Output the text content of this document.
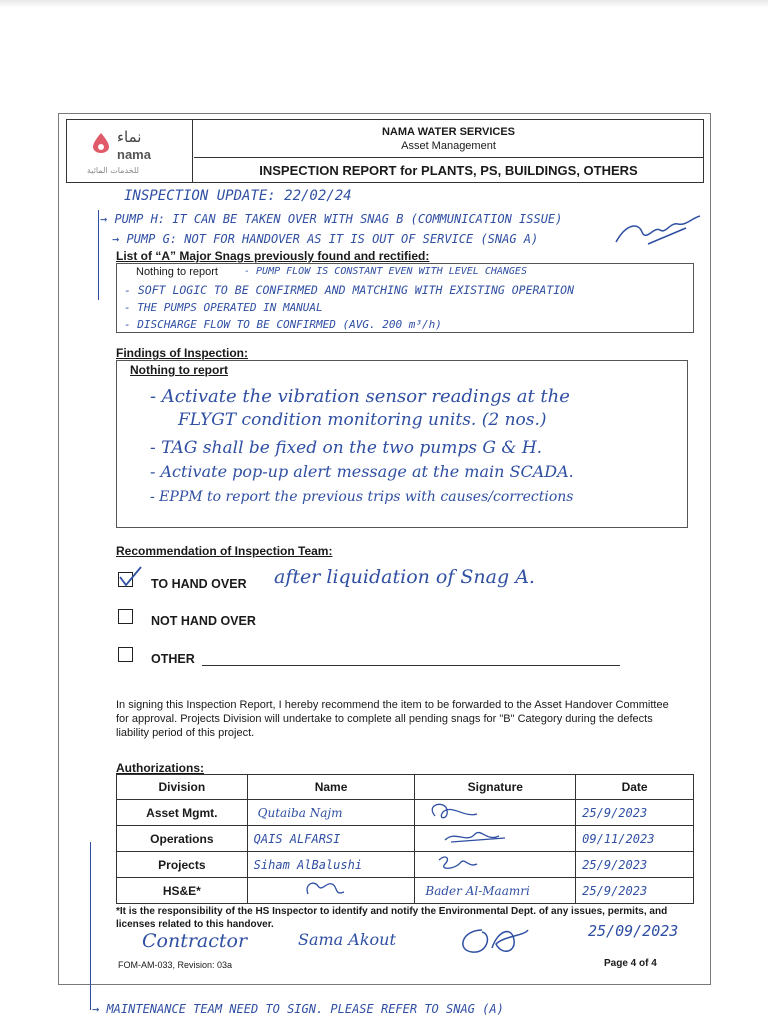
نماء
nama
للخدمات المائية
NAMA WATER SERVICES
Asset Management
INSPECTION REPORT for PLANTS, PS, BUILDINGS, OTHERS
INSPECTION UPDATE: 22/02/24
→ PUMP H: IT CAN BE TAKEN OVER WITH SNAG B (COMMUNICATION ISSUE)
→ PUMP G: NOT FOR HANDOVER AS IT IS OUT OF SERVICE (SNAG A)
List of “A” Major Snags previously found and rectified:
Nothing to report	- PUMP FLOW IS CONSTANT EVEN WITH LEVEL CHANGES
- SOFT LOGIC TO BE CONFIRMED AND MATCHING WITH EXISTING OPERATION
- THE PUMPS OPERATED IN MANUAL
- DISCHARGE FLOW TO BE CONFIRMED (AVG. 200 m³/h)
Findings of Inspection:
Nothing to report
- Activate the vibration sensor readings at the
FLYGT condition monitoring units. (2 nos.)
- TAG shall be fixed on the two pumps G & H.
- Activate pop-up alert message at the main SCADA.
- EPPM to report the previous trips with causes/corrections
Recommendation of Inspection Team:
TO HAND OVER after liquidation of Snag A.
NOT HAND OVER
OTHER
In signing this Inspection Report, I hereby recommend the item to be forwarded to the Asset Handover Committee for approval. Projects Division will undertake to complete all pending snags for "B" Category during the defects liability period of this project.
Authorizations:
Division	Name	Signature	Date
Asset Mgmt.	Qutaiba Najm		25/9/2023
Operations	QAIS ALFARSI		09/11/2023
Projects	Siham AlBalushi		25/9/2023
HS&E*		Bader Al-Maamri	25/9/2023
*It is the responsibility of the HS Inspector to identify and notify the Environmental Dept. of any issues, permits, and licenses related to this handover.
Contractor	Sama Akout	25/09/2023
FOM-AM-033, Revision: 03a	Page 4 of 4
→ MAINTENANCE TEAM NEED TO SIGN. PLEASE REFER TO SNAG (A)
